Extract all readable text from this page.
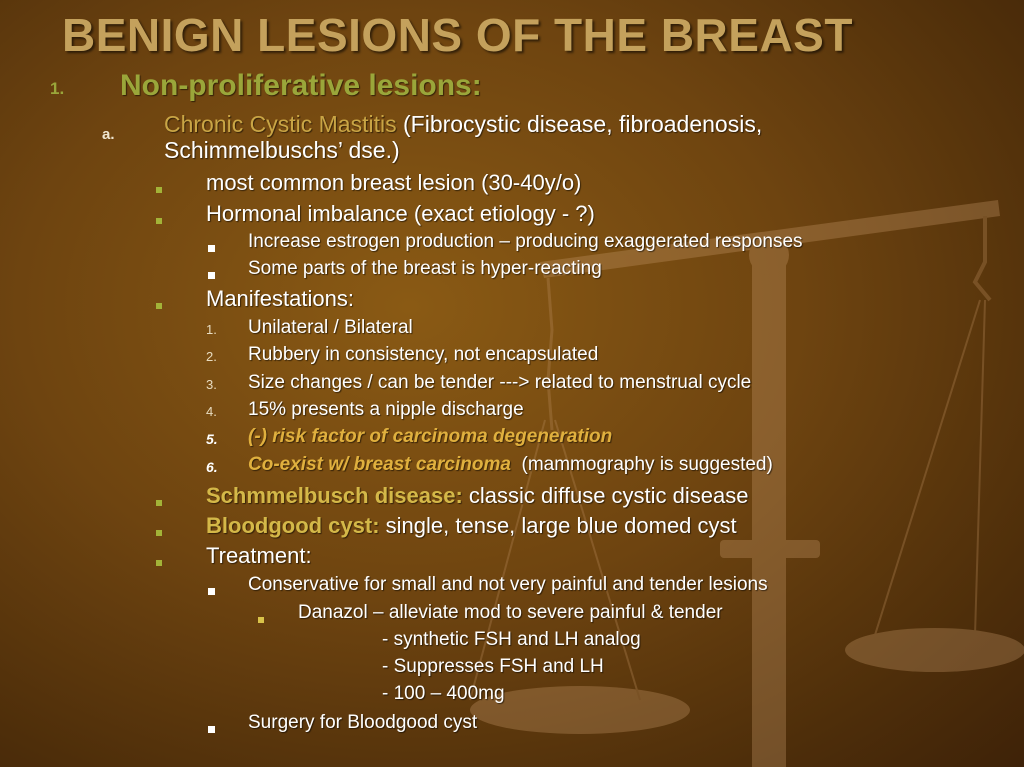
BENIGN LESIONS OF THE BREAST
1. Non-proliferative lesions:
a. Chronic Cystic Mastitis (Fibrocystic disease, fibroadenosis,
Schimmelbuschs’ dse.)
most common breast lesion (30-40y/o)
Hormonal imbalance (exact etiology - ?)
Increase estrogen production – producing exaggerated responses
Some parts of the breast is hyper-reacting
Manifestations:
1. Unilateral / Bilateral
2. Rubbery in consistency, not encapsulated
3. Size changes / can be tender ---> related to menstrual cycle
4. 15% presents a nipple discharge
5. (-) risk factor of carcinoma degeneration
6. Co-exist w/ breast carcinoma (mammography is suggested)
Schmmelbusch disease: classic diffuse cystic disease
Bloodgood cyst: single, tense, large blue domed cyst
Treatment:
Conservative for small and not very painful and tender lesions
Danazol – alleviate mod to severe painful & tender
- synthetic FSH and LH analog
- Suppresses FSH and LH
- 100 – 400mg
Surgery for Bloodgood cyst
